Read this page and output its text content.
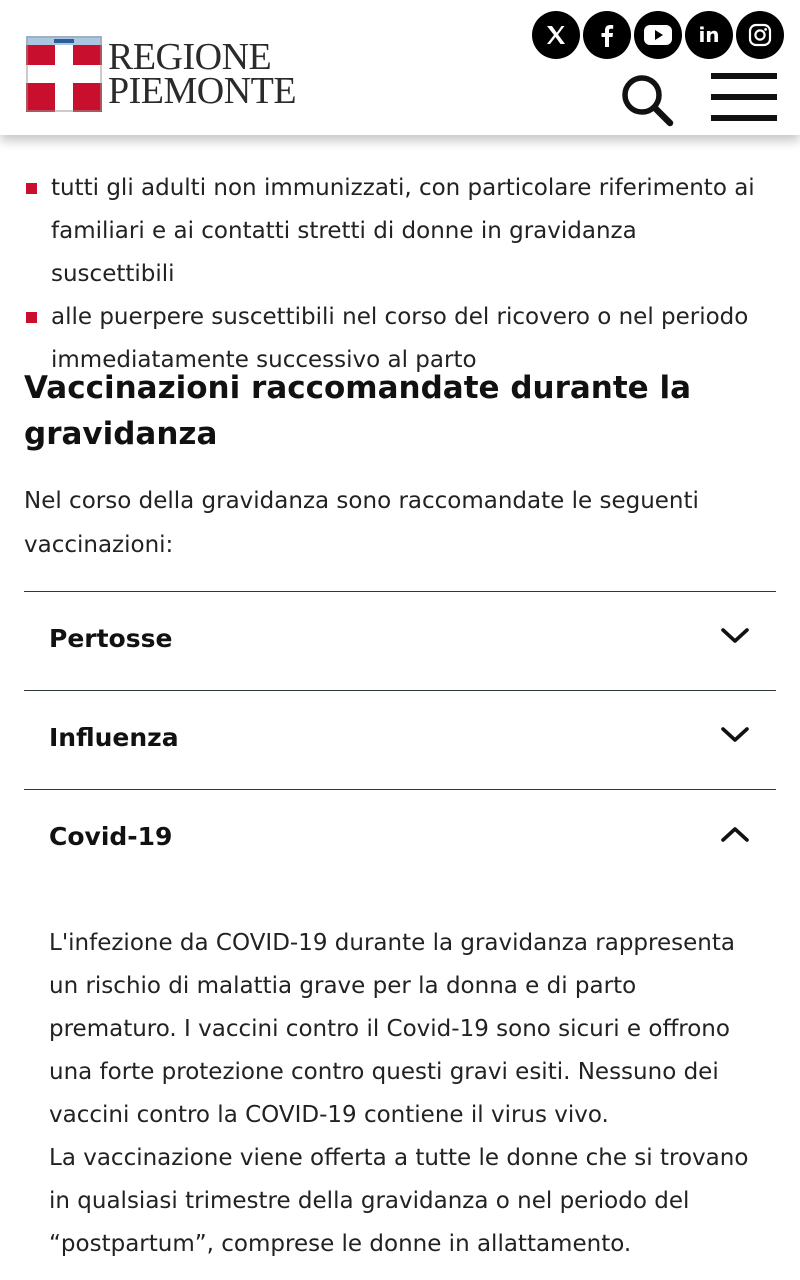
REGIONE
PIEMONTE
in
tutti gli adulti non immunizzati, con particolare riferimento ai familiari e ai contatti stretti di donne in gravidanza suscettibili
alle puerpere suscettibili nel corso del ricovero o nel periodo immediatamente successivo al parto
Vaccinazioni raccomandate durante la gravidanza

Nel corso della gravidanza sono raccomandate le seguenti vaccinazioni:

Pertosse
Influenza
Covid-19

L'infezione da COVID-19 durante la gravidanza rappresenta un rischio di malattia grave per la donna e di parto prematuro. I vaccini contro il Covid-19 sono sicuri e offrono una forte protezione contro questi gravi esiti. Nessuno dei vaccini contro la COVID-19 contiene il virus vivo.

La vaccinazione viene offerta a tutte le donne che si trovano in qualsiasi trimestre della gravidanza o nel periodo del “postpartum”, comprese le donne in allattamento.
